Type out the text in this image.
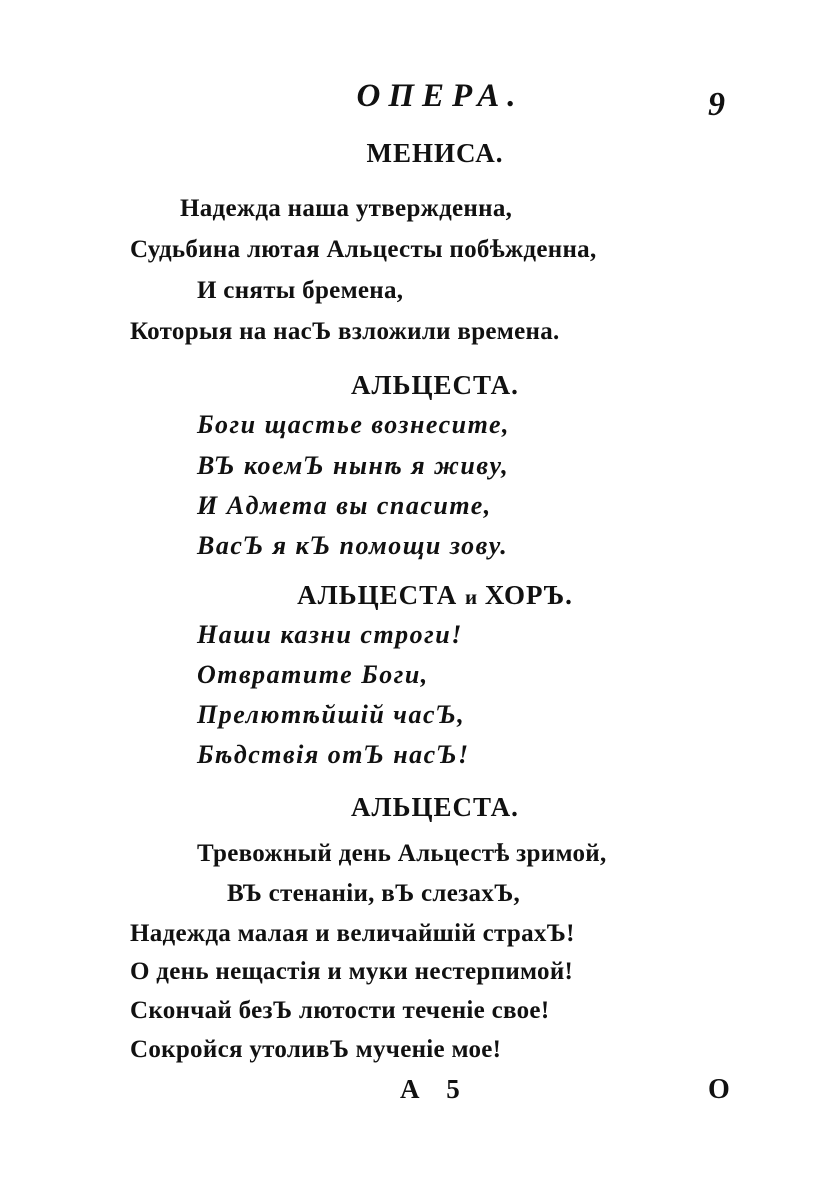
ОПЕРА.	9
МЕНИСА.
Надежда наша утвержденна,
Судьбина лютая Альцесты побѣжденна,
И сняты бремена,
Которыя на насЪ взложили времена.
АЛЬЦЕСТА.
Боги щастье вознесите,
ВЪ коемЪ нынѣ я живу,
И Адмета вы спасите,
ВасЪ я кЪ помощи зову.
АЛЬЦЕСТА и ХОРЪ.
Наши казни строги!
Отвратите Боги,
Прелютѣйшій часЪ,
Бѣдствія отЪ насЪ!
АЛЬЦЕСТА.
Тревожный день Альцестѣ зримой,
ВЪ стенаніи, вЪ слезахЪ,
Надежда малая и величайшій страхЪ!
О день нещастія и муки нестерпимой!
Скончай безЪ лютости теченіе свое!
Сокройся утоливЪ мученіе мое!
А 5	О
